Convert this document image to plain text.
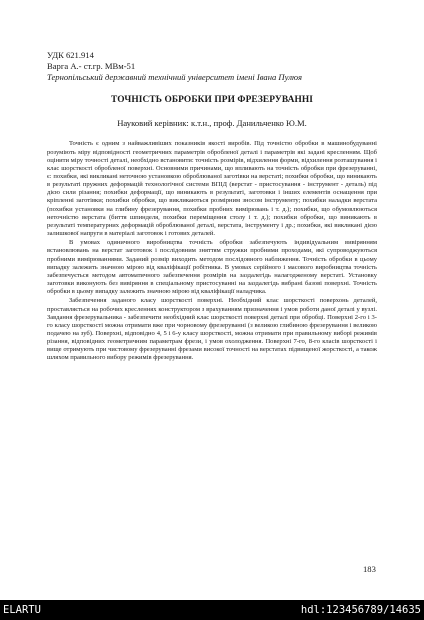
УДК 621.914
Варга А.- ст.гр. МВм-51
Тернопільський державний технічний університет імені Івана Пулюя
ТОЧНІСТЬ ОБРОБКИ ПРИ ФРЕЗЕРУВАННІ
Науковий керівник: к.т.н., проф. Данильченко Ю.М.

Точність є одним з найважливіших показників якості виробів. Під точністю обробки в машинобудуванні розуміють міру відповідності геометричних параметрів обробленої деталі і параметрів які задані кресленням. Щоб оцінити міру точності деталі, необхідно встановити: точність розмірів, відхилення форми, відхилення розташування і клас шорсткості обробленої поверхні. Основними причинами, що впливають на точність обробки при фрезеруванні, є: похибки, які викликані неточною установкою оброблюваної заготівки на верстаті; похибки обробки, що виникають в результаті пружних деформацій технологічної системи ВПІД (верстат - пристосування - інструмент - деталь) під дією сили різання; похибки деформації, що виникають в результаті, заготовки і інших елементів оснащення при кріпленні заготівки; похибки обробки, що викликаються розмірним зносом інструменту; похибки наладки верстата (похибки установки на глибину фрезерування, похибки пробних вимірювань і т. д.); похибки, що обумовлюються неточністю верстата (биття шпинделя, похибки переміщення столу і т. д.); похибки обробки, що виникають в результаті температурних деформацій оброблюваної деталі, верстата, інструменту і др.; похибки, які викликані дією залишкової напруги в матеріалі заготовок і готових деталей.

В умовах одиничного виробництва точність обробки забезпечують індивідуальним вивірянням встановлювань на верстат заготовок і послідовним зняттям стружки пробними проходами, які супроводжуються пробними вимірюваннями. Заданий розмір виходить методом послідовного наближення. Точність обробки в цьому випадку залежить значною мірою від кваліфікації робітника. В умовах серійного і масового виробництва точність забезпечується методом автоматичного забезпечення розмірів на заздалегідь налагодженому верстаті. Установку заготовки виконують без вивіряння в спеціальному пристосуванні на заздалегідь вибрані базові поверхні. Точність обробки в цьому випадку залежить значною мірою від кваліфікації наладчика.

Забезпечення заданого класу шорсткості поверхні. Необхідний клас шорсткості поверхонь деталей, проставляється на робочих кресленнях конструктором з врахуванням призначення і умов роботи даної деталі у вузлі. Завдання фрезерувальника - забезпечити необхідний клас шорсткості поверхні деталі при обробці. Поверхні 2-го і 3-го класу шорсткості можна отримати вже при чорновому фрезеруванні (з великою глибиною фрезерування і великою подачею на зуб). Поверхні, відповідно 4, 5 і 6-у класу шорсткості, можна отримати при правильному виборі режимів різання, відповідних геометричним параметрам фрези, і умов охолодження. Поверхні 7-го, 8-го класів шорсткості і вище отримують при чистовому фрезеруванні фрезами високої точності на верстатах підвищеної жорсткості, а також шляхом правильного вибору режимів фрезерування.

183
ELARTU	hdl:123456789/14635
